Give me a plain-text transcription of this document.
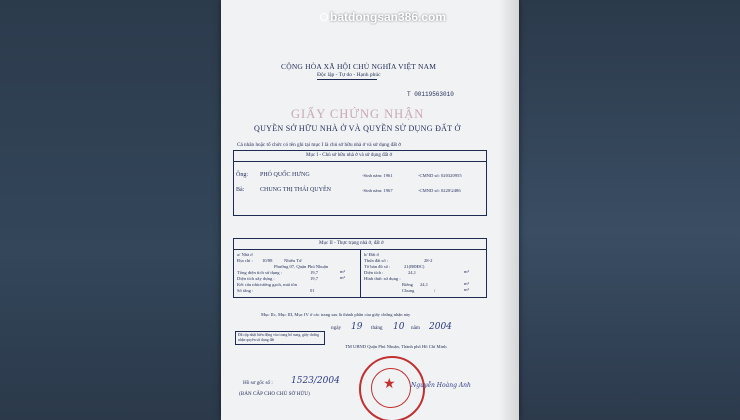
CỘNG HÒA XÃ HỘI CHỦ NGHĨA VIỆT NAM
Độc lập - Tự do - Hạnh phúc
T 00119563010
GIẤY CHỨNG NHẬN
QUYỀN SỞ HỮU NHÀ Ở VÀ QUYỀN SỬ DỤNG ĐẤT Ở
Cá nhân hoặc tổ chức có tên ghi tại mục I là chủ sở hữu nhà ở và sử dụng đất ở
Mục I - Chủ sở hữu nhà ở và sử dụng đất ở
Ông: PHÓ QUỐC HƯNG	-Sinh năm: 1961	-CMND số: 020320955
Bà:	CHUNG THỊ THÁI QUYÊN	-Sinh năm: 1967	-CMND số: 0220\2486
Mục II - Thực trạng nhà ở, đất ở
a/ Nhà ở
Địa chỉ : 10/88	Nhiêu Tứ
Phường 07, Quận Phú Nhuận
Tổng diện tích sử dụng :	19,7	m²
Diện tích xây dựng :	19,7	m²
Kết cấu nhà:tường gạch, mái tôn
Số tầng :	01
b/ Đất ở
Thửa đất số :	28-2
Tờ bản đồ số :	21(BĐĐC)
Diện tích :	24,1	m²
Hình thức sử dụng :
Riêng 24,1	m²
Chung	/	m²
Mục IIc, Mục III, Mục IV ở các trang sau là thành phần của giấy chứng nhận này
ngày 19 tháng 10 năm 2004
Đã cập nhật biến động vào trang bổ sung, giấy chứng nhận quyền sử dụng đất
TM UBND Quận Phú Nhuận, Thành phố Hồ Chí Minh
★
Hồ sơ gốc số : 1523/2004
(BẢN CẤP CHO CHỦ SỞ HỮU)
Nguyễn Hoàng Anh
batdongsan386.com
